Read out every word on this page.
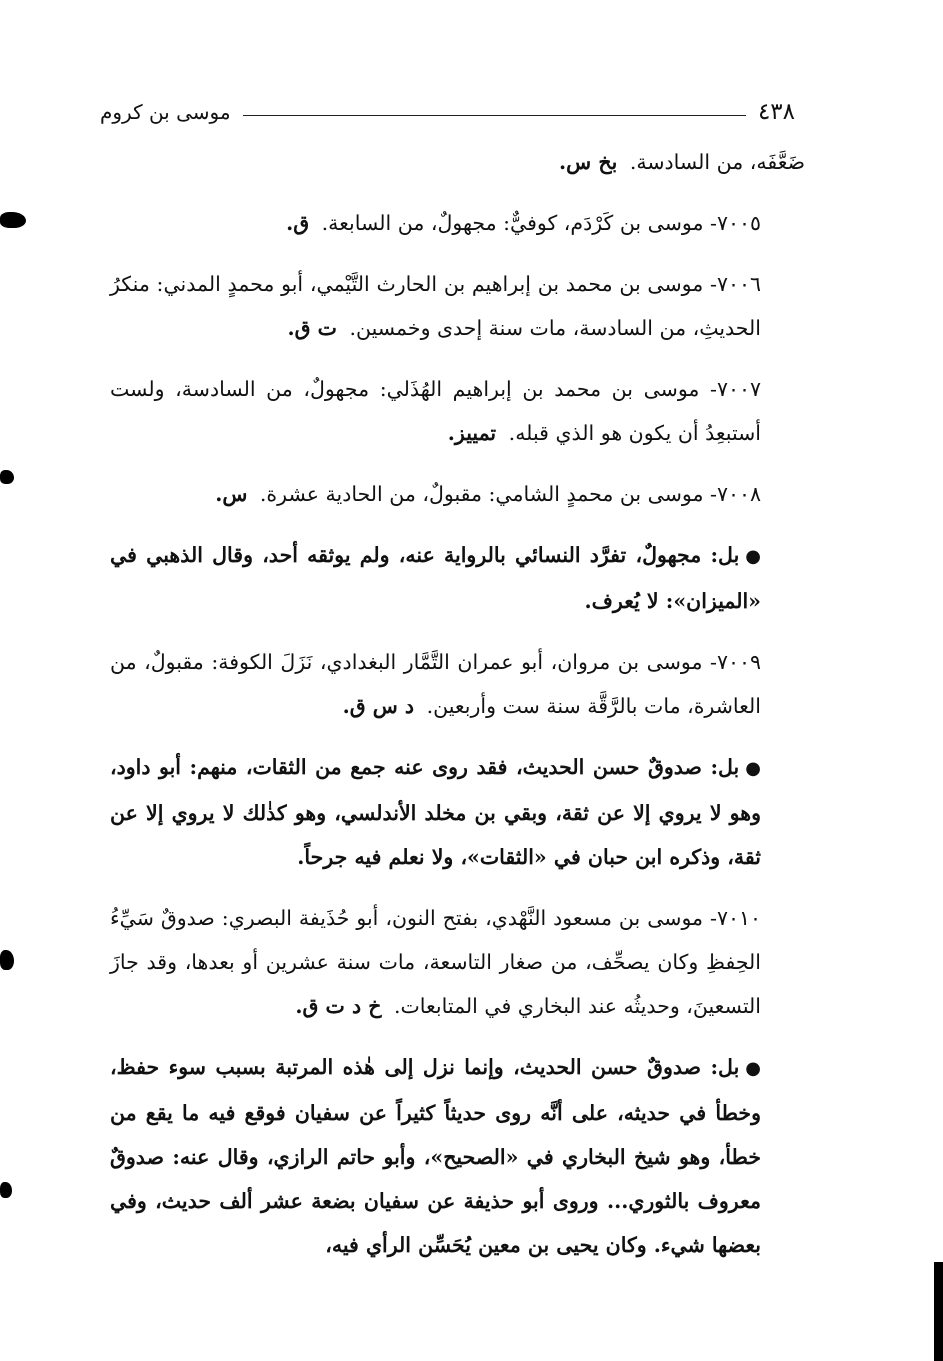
٤٣٨
موسى بن كروم

ضَعَّفَه، من السادسة. بخ س.

٧٠٠٥- موسى بن كَرْدَم، كوفيٌّ: مجهولٌ، من السابعة. ق.

٧٠٠٦- موسى بن محمد بن إبراهيم بن الحارث التَّيْمي، أبو محمدٍ المدني: منكرُ الحديثِ، من السادسة، مات سنة إحدى وخمسين. ت ق.

٧٠٠٧- موسى بن محمد بن إبراهيم الهُذَلي: مجهولٌ، من السادسة، ولست أستبعِدُ أن يكون هو الذي قبله. تمييز.

٧٠٠٨- موسى بن محمدٍ الشامي: مقبولٌ، من الحادية عشرة. س.

●بل: مجهولٌ، تفرَّد النسائي بالرواية عنه، ولم يوثقه أحد، وقال الذهبي في «الميزان»: لا يُعرف.

٧٠٠٩- موسى بن مروان، أبو عمران التَّمَّار البغدادي، نَزَلَ الكوفة: مقبولٌ، من العاشرة، مات بالرَّقَّة سنة ست وأربعين. د س ق.

●بل: صدوقٌ حسن الحديث، فقد روى عنه جمع من الثقات، منهم: أبو داود، وهو لا يروي إلا عن ثقة، وبقي بن مخلد الأندلسي، وهو كذٰلك لا يروي إلا عن ثقة، وذكره ابن حبان في «الثقات»، ولا نعلم فيه جرحاً.

٧٠١٠- موسى بن مسعود النَّهْدي، بفتح النون، أبو حُذَيفة البصري: صدوقٌ سَيِّءُ الحِفظِ وكان يصحِّف، من صغار التاسعة، مات سنة عشرين أو بعدها، وقد جازَ التسعينَ، وحديثُه عند البخاري في المتابعات. خ د ت ق.

●بل: صدوقٌ حسن الحديث، وإنما نزل إلى هٰذه المرتبة بسبب سوء حفظ، وخطأ في حديثه، على أنَّه روى حديثاً كثيراً عن سفيان فوقع فيه ما يقع من خطأ، وهو شيخ البخاري في «الصحيح»، وأبو حاتم الرازي، وقال عنه: صدوقٌ معروف بالثوري... وروى أبو حذيفة عن سفيان بضعة عشر ألف حديث، وفي بعضها شيء. وكان يحيى بن معين يُحَسِّن الرأي فيه،
